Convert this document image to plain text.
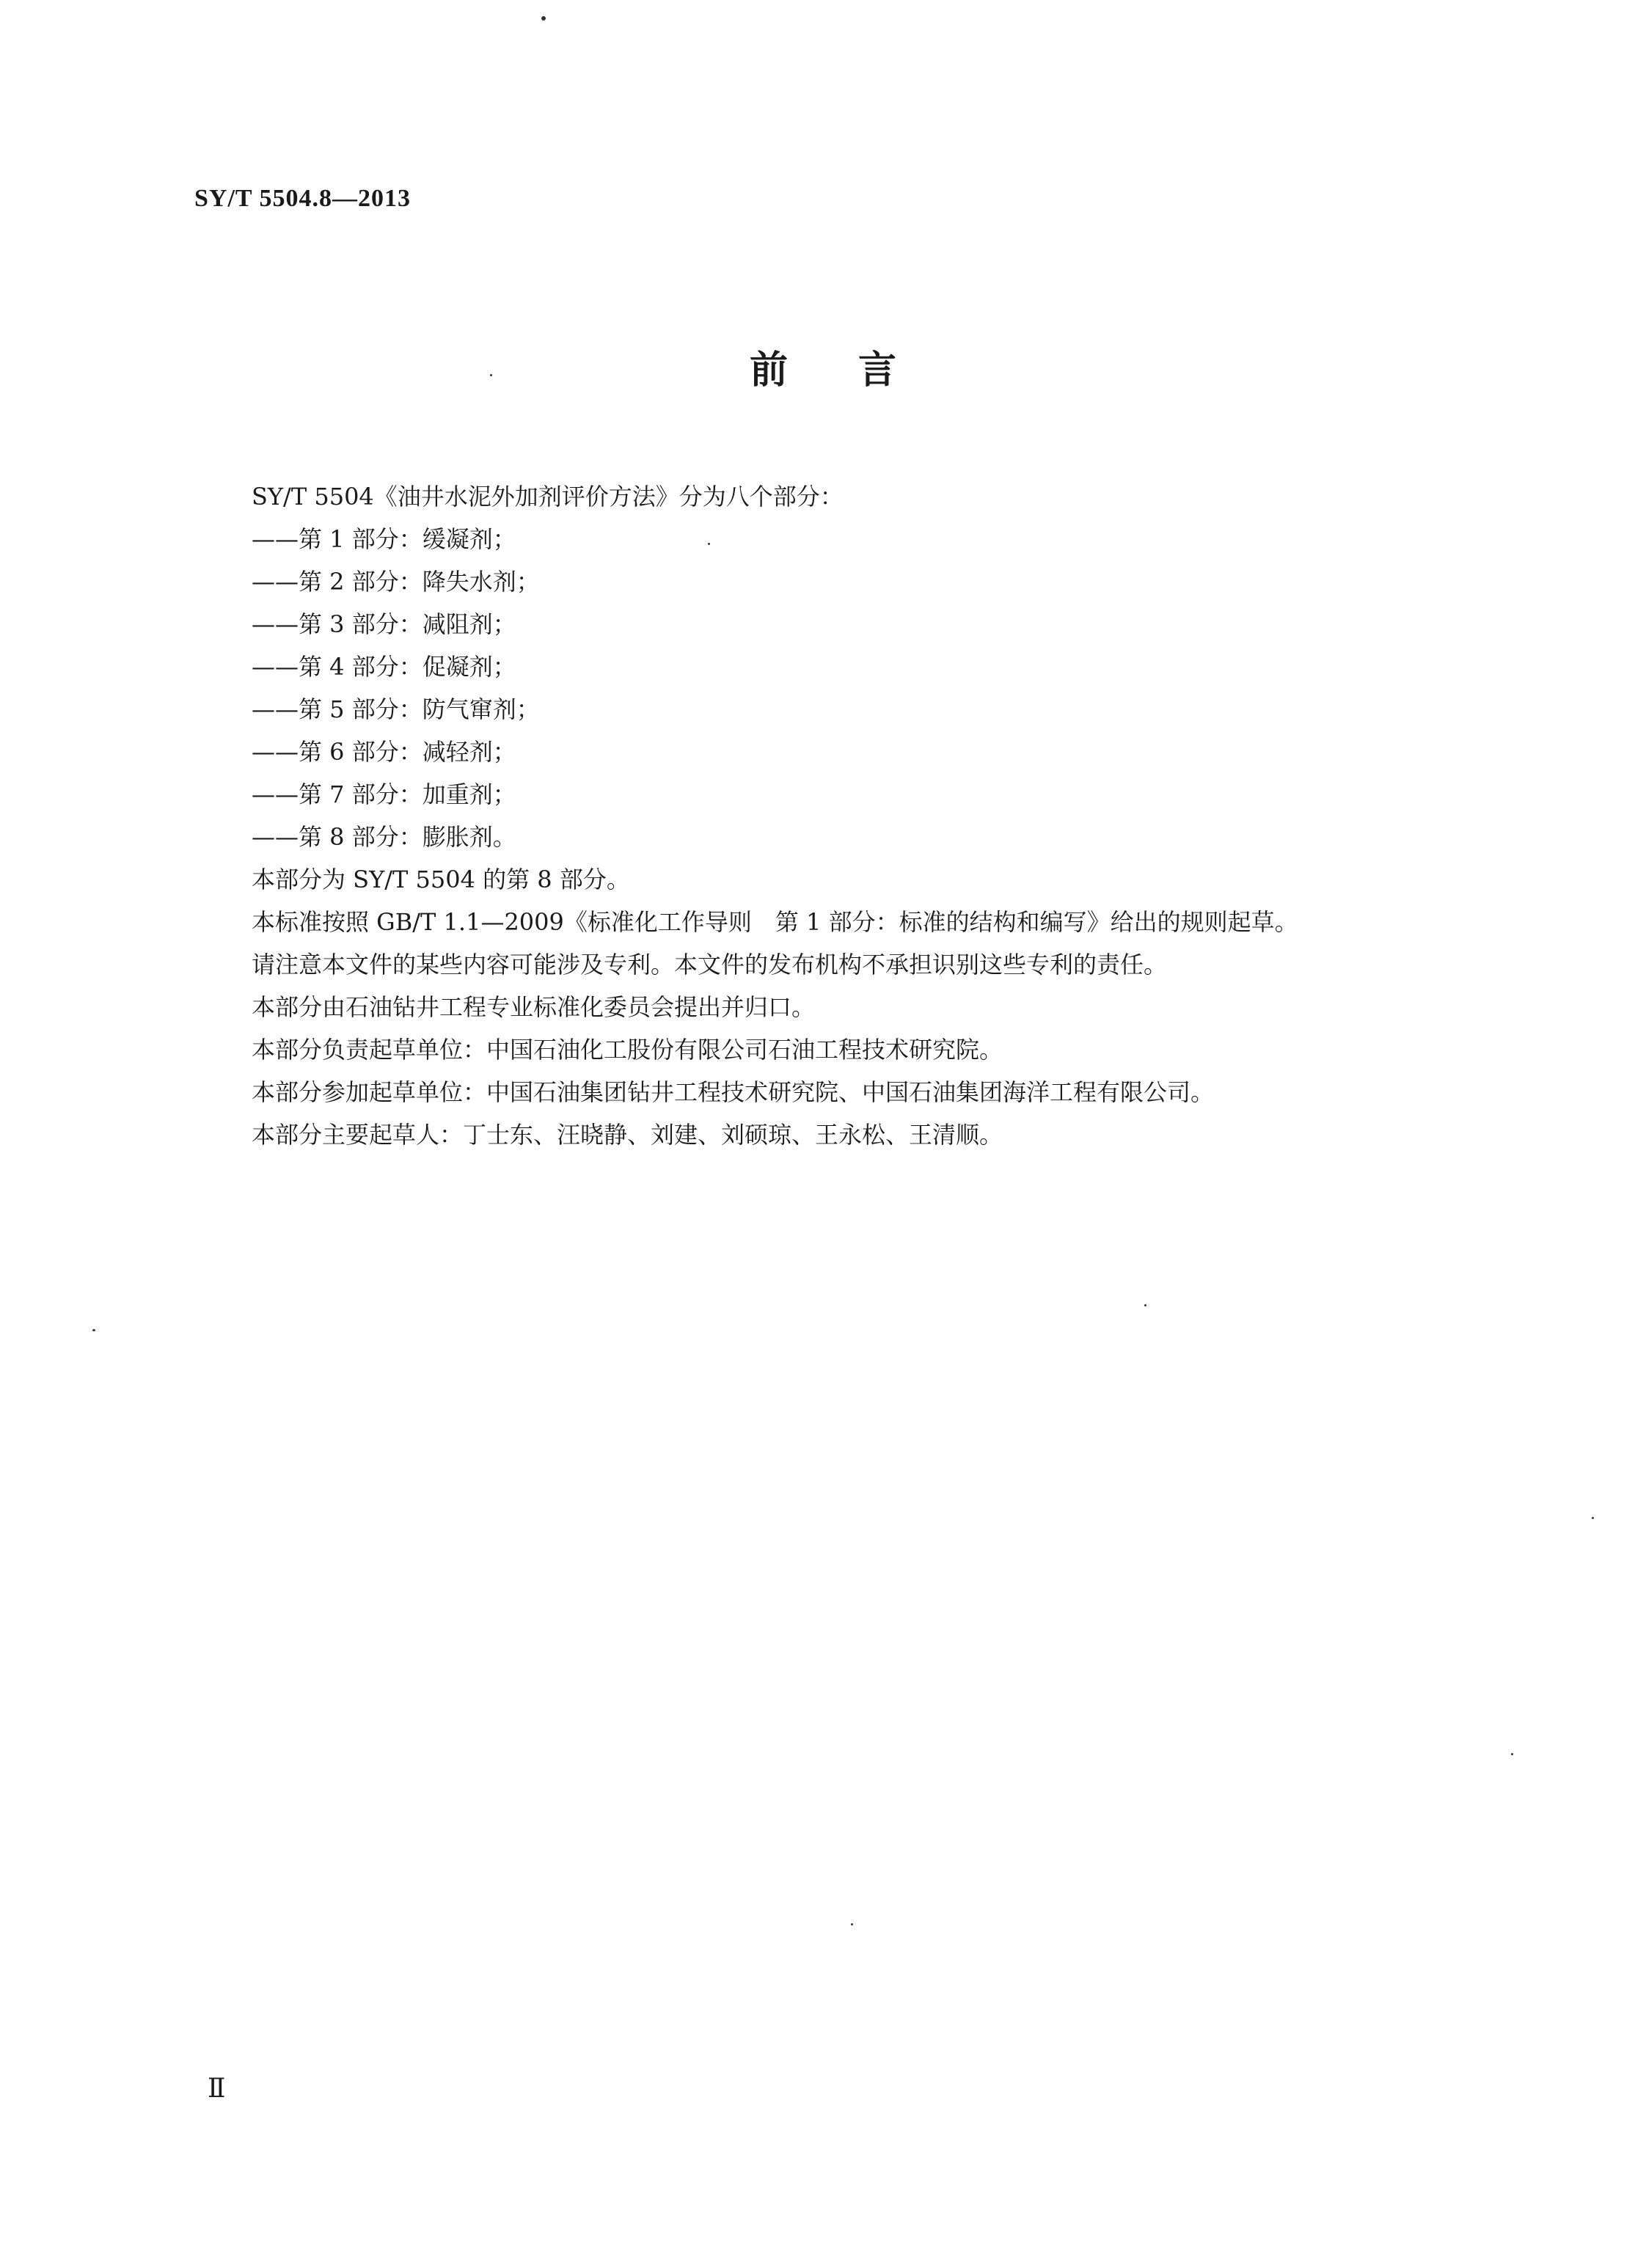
SY/T 5504.8—2013
前言

SY/T 5504《油井水泥外加剂评价方法》分为八个部分：

——第 1 部分：缓凝剂；
——第 2 部分：降失水剂；
——第 3 部分：减阻剂；
——第 4 部分：促凝剂；
——第 5 部分：防气窜剂；
——第 6 部分：减轻剂；
——第 7 部分：加重剂；
——第 8 部分：膨胀剂。

本部分为 SY/T 5504 的第 8 部分。

本标准按照 GB/T 1.1—2009《标准化工作导则　第 1 部分：标准的结构和编写》给出的规则起草。

请注意本文件的某些内容可能涉及专利。本文件的发布机构不承担识别这些专利的责任。

本部分由石油钻井工程专业标准化委员会提出并归口。

本部分负责起草单位：中国石油化工股份有限公司石油工程技术研究院。

本部分参加起草单位：中国石油集团钻井工程技术研究院、中国石油集团海洋工程有限公司。

本部分主要起草人：丁士东、汪晓静、刘建、刘硕琼、王永松、王清顺。

Ⅱ
